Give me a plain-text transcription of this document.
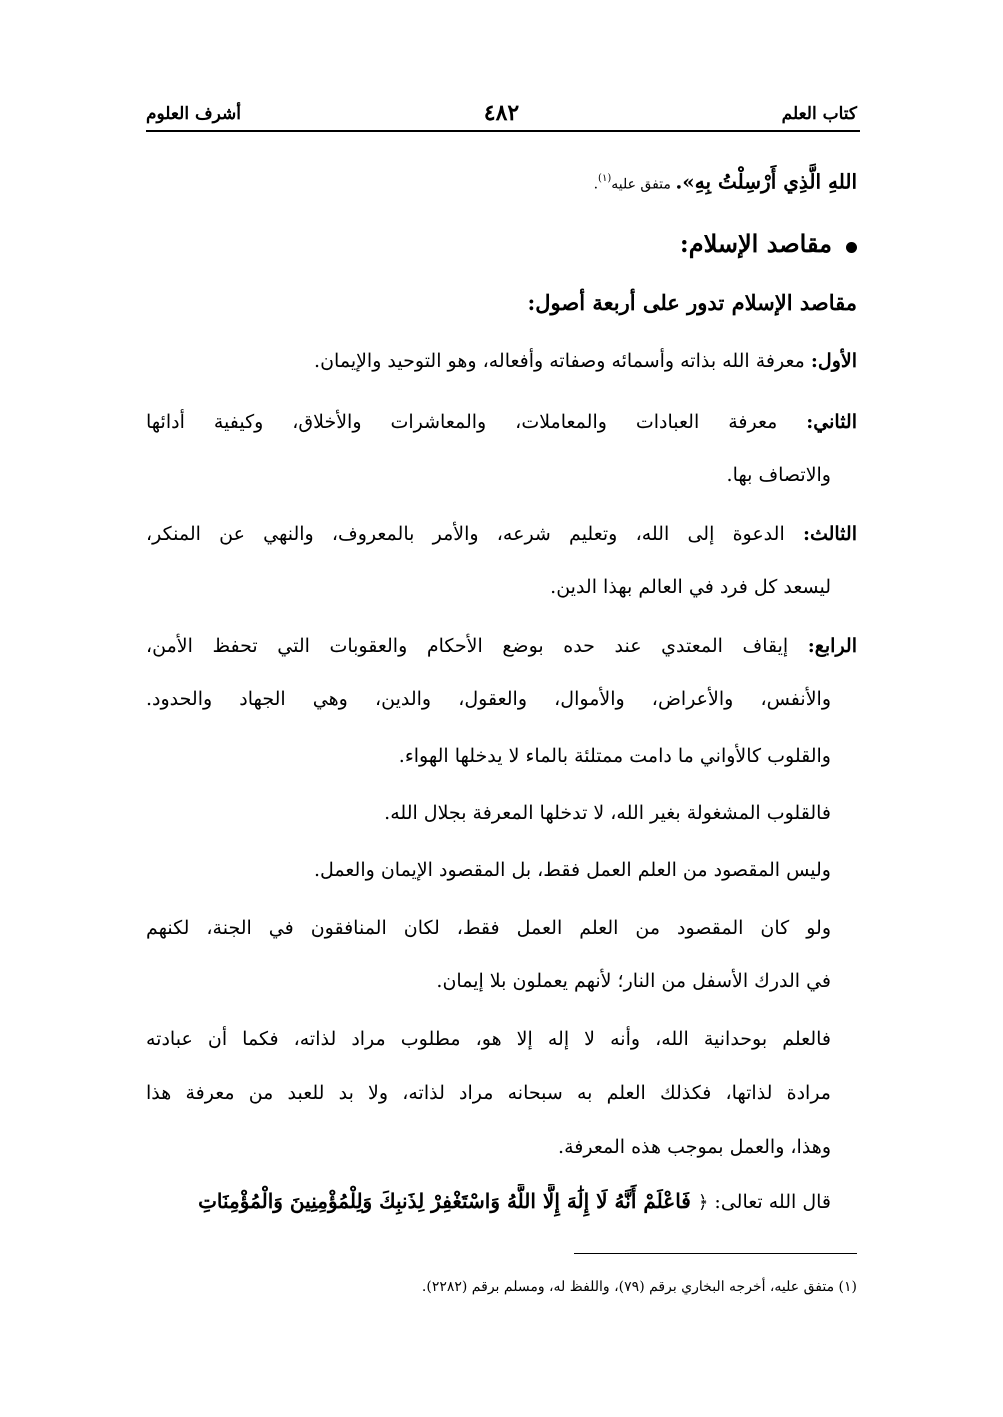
كتاب العلم
٤٨٢
أشرف العلوم
اللهِ الَّذِي أَرْسِلْتُ بِهِ». متفق عليه$^{(١)}$.
مقاصد الإسلام:
مقاصد الإسلام تدور على أربعة أصول:
الأول: معرفة الله بذاته وأسمائه وصفاته وأفعاله، وهو التوحيد والإيمان.
الثاني: معرفة العبادات والمعاملات، والمعاشرات والأخلاق، وكيفية أدائها
والاتصاف بها.
الثالث: الدعوة إلى الله، وتعليم شرعه، والأمر بالمعروف، والنهي عن المنكر،
ليسعد كل فرد في العالم بهذا الدين.
الرابع: إيقاف المعتدي عند حده بوضع الأحكام والعقوبات التي تحفظ الأمن،
والأنفس، والأعراض، والأموال، والعقول، والدين، وهي الجهاد والحدود.
والقلوب كالأواني ما دامت ممتلئة بالماء لا يدخلها الهواء.
فالقلوب المشغولة بغير الله، لا تدخلها المعرفة بجلال الله.
وليس المقصود من العلم العمل فقط، بل المقصود الإيمان والعمل.
ولو كان المقصود من العلم العمل فقط، لكان المنافقون في الجنة، لكنهم
في الدرك الأسفل من النار؛ لأنهم يعملون بلا إيمان.
فالعلم بوحدانية الله، وأنه لا إله إلا هو، مطلوب مراد لذاته، فكما أن عبادته
مرادة لذاتها، فكذلك العلم به سبحانه مراد لذاته، ولا بد للعبد من معرفة هذا
وهذا، والعمل بموجب هذه المعرفة.
قال الله تعالى: ﴿ فَاعْلَمْ أَنَّهُ لَا إِلَٰهَ إِلَّا اللَّهُ وَاسْتَغْفِرْ لِذَنبِكَ وَلِلْمُؤْمِنِينَ وَالْمُؤْمِنَاتِ
(١) متفق عليه، أخرجه البخاري برقم (٧٩)، واللفظ له، ومسلم برقم (٢٢٨٢).
